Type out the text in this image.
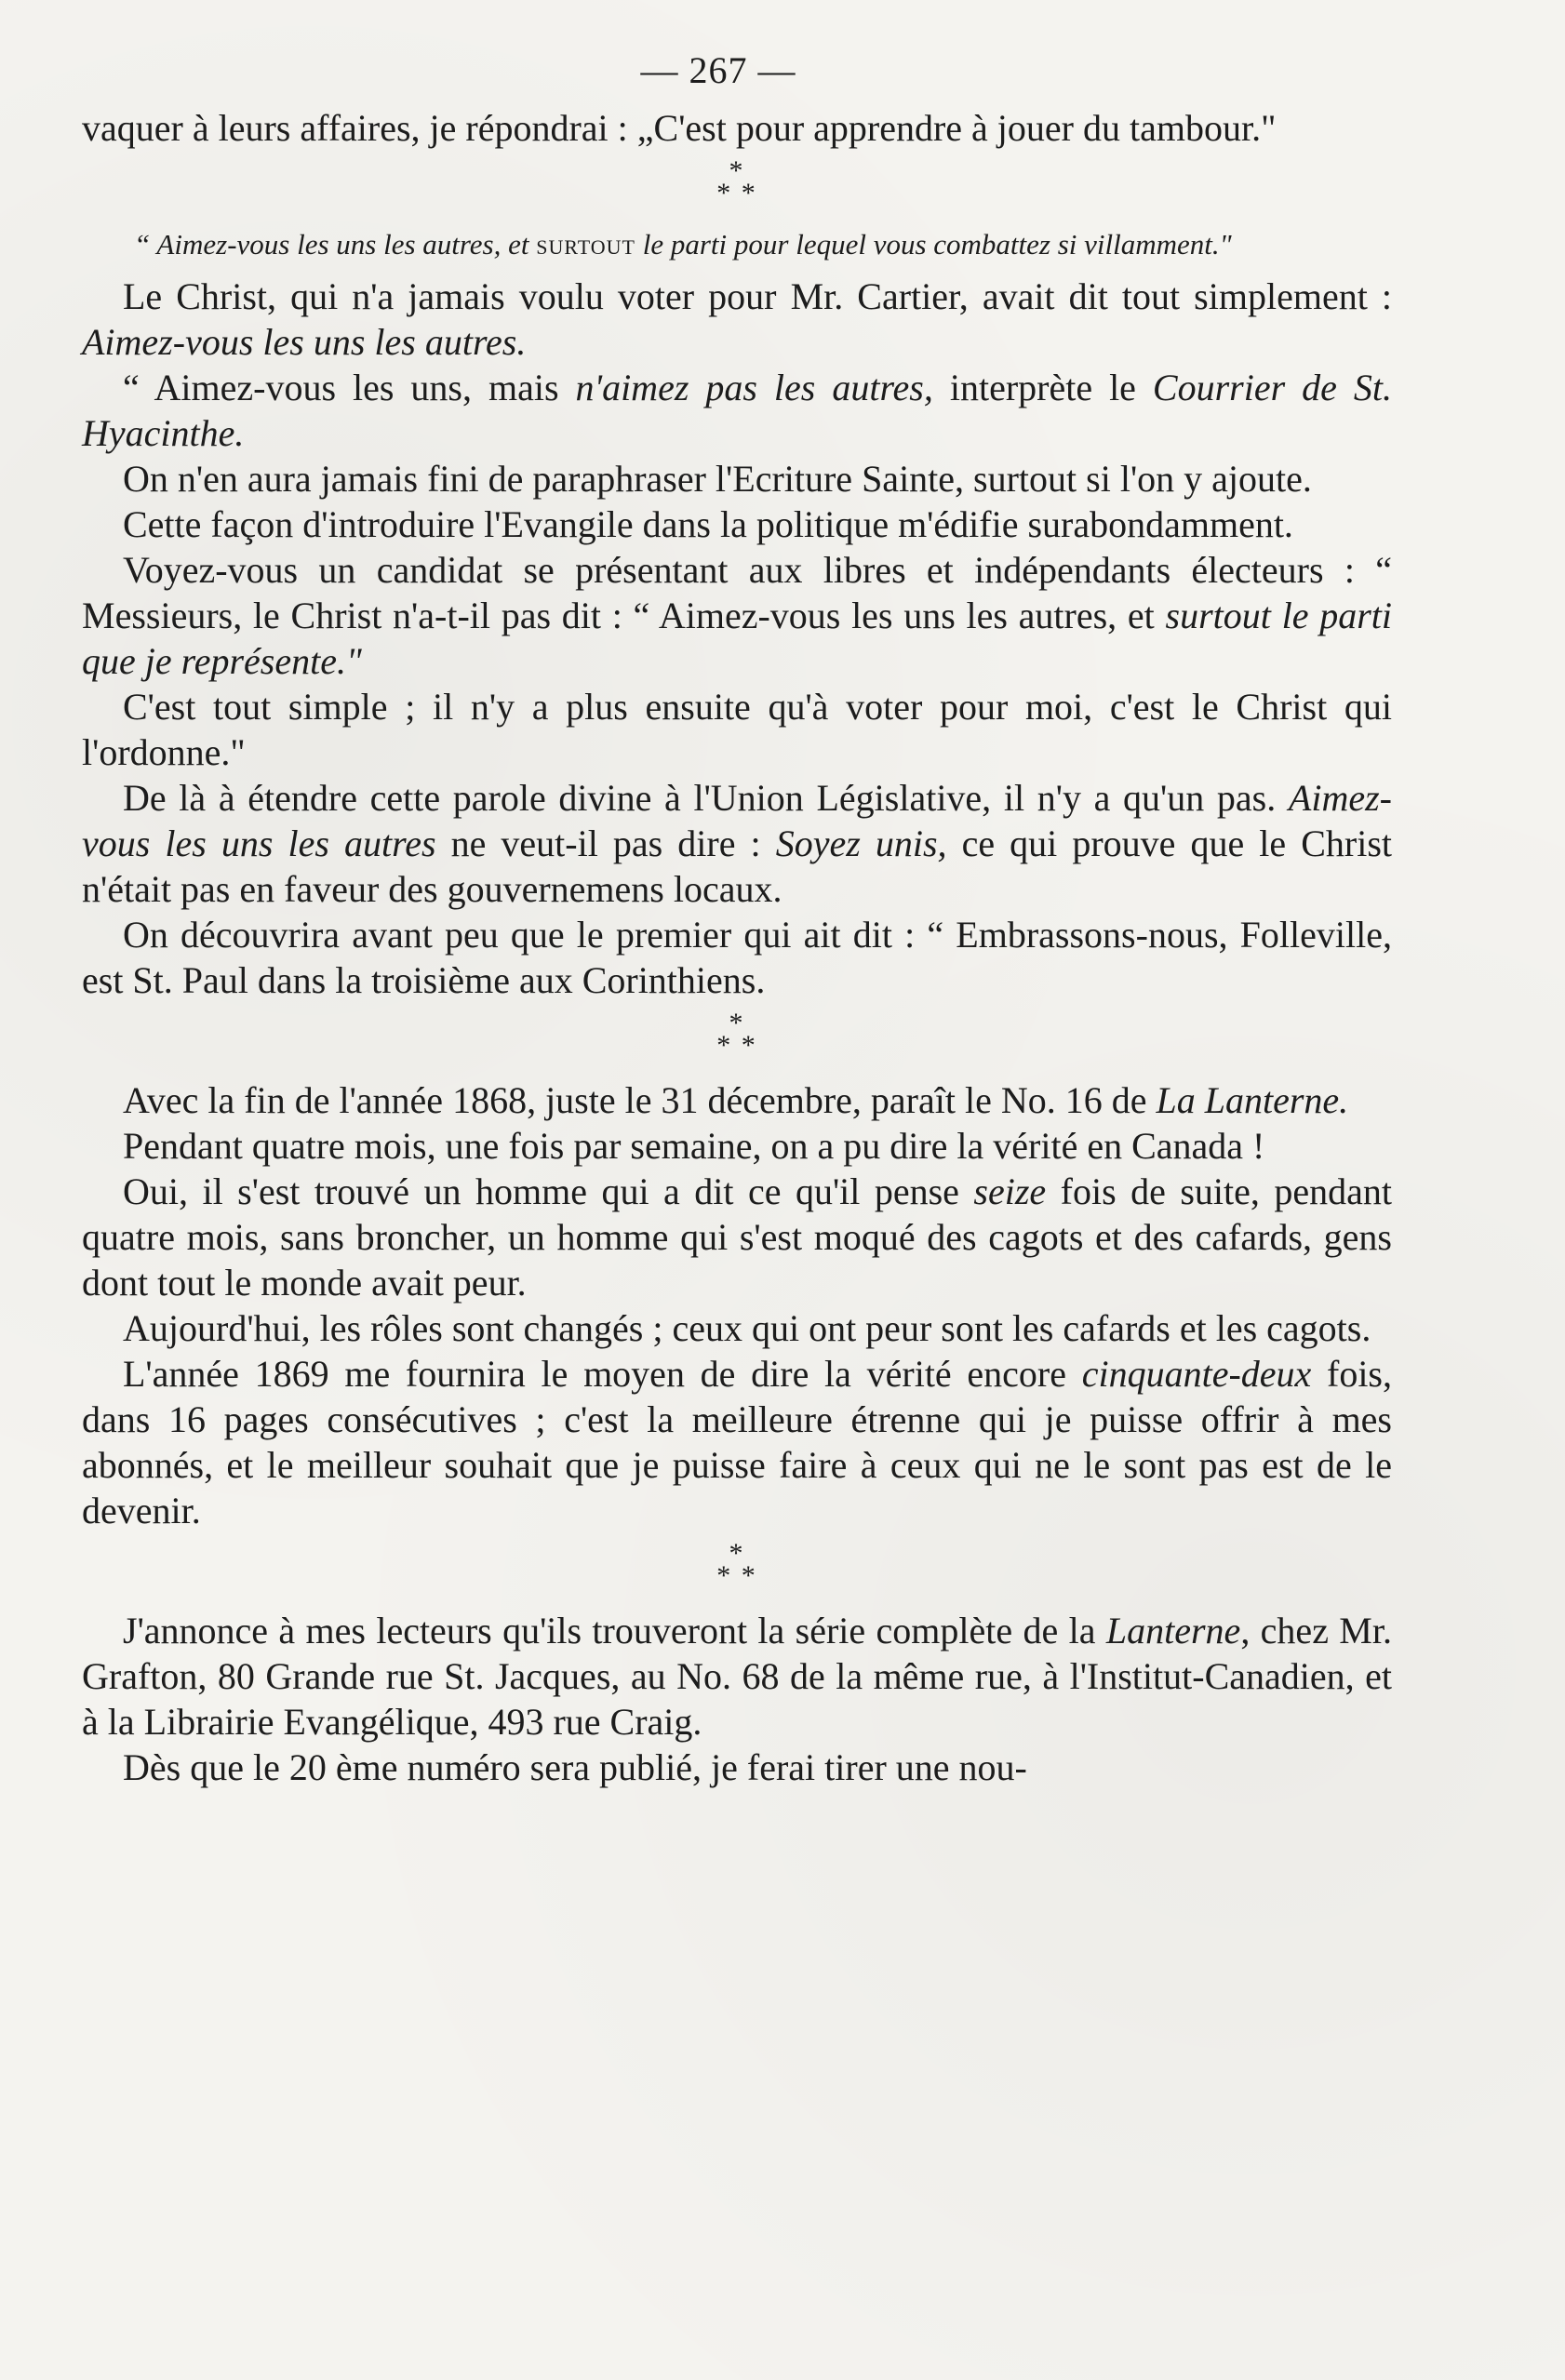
— 267 —

vaquer à leurs affaires, je répondrai : „C'est pour apprendre à jouer du tambour."

*
* *

“ Aimez-vous les uns les autres, et surtout le parti pour lequel vous combattez si villamment."

Le Christ, qui n'a jamais voulu voter pour Mr. Cartier, avait dit tout simplement : Aimez-vous les uns les autres.

“ Aimez-vous les uns, mais n'aimez pas les autres, interprète le Courrier de St. Hyacinthe.

On n'en aura jamais fini de paraphraser l'Ecriture Sainte, surtout si l'on y ajoute.

Cette façon d'introduire l'Evangile dans la politique m'édifie surabondamment.

Voyez-vous un candidat se présentant aux libres et indépendants électeurs : “ Messieurs, le Christ n'a-t-il pas dit : “ Aimez-vous les uns les autres, et surtout le parti que je représente."

C'est tout simple ; il n'y a plus ensuite qu'à voter pour moi, c'est le Christ qui l'ordonne."

De là à étendre cette parole divine à l'Union Législative, il n'y a qu'un pas. Aimez-vous les uns les autres ne veut-il pas dire : Soyez unis, ce qui prouve que le Christ n'était pas en faveur des gouvernemens locaux.

On découvrira avant peu que le premier qui ait dit : “ Embrassons-nous, Folleville, est St. Paul dans la troisième aux Corinthiens.

*
* *

Avec la fin de l'année 1868, juste le 31 décembre, paraît le No. 16 de La Lanterne.

Pendant quatre mois, une fois par semaine, on a pu dire la vérité en Canada !

Oui, il s'est trouvé un homme qui a dit ce qu'il pense seize fois de suite, pendant quatre mois, sans broncher, un homme qui s'est moqué des cagots et des cafards, gens dont tout le monde avait peur.

Aujourd'hui, les rôles sont changés ; ceux qui ont peur sont les cafards et les cagots.

L'année 1869 me fournira le moyen de dire la vérité encore cinquante-deux fois, dans 16 pages consécutives ; c'est la meilleure étrenne qui je puisse offrir à mes abonnés, et le meilleur souhait que je puisse faire à ceux qui ne le sont pas est de le devenir.

*
* *

J'annonce à mes lecteurs qu'ils trouveront la série complète de la Lanterne, chez Mr. Grafton, 80 Grande rue St. Jacques, au No. 68 de la même rue, à l'Institut-Canadien, et à la Librairie Evangélique, 493 rue Craig.

Dès que le 20 ème numéro sera publié, je ferai tirer une nou-
